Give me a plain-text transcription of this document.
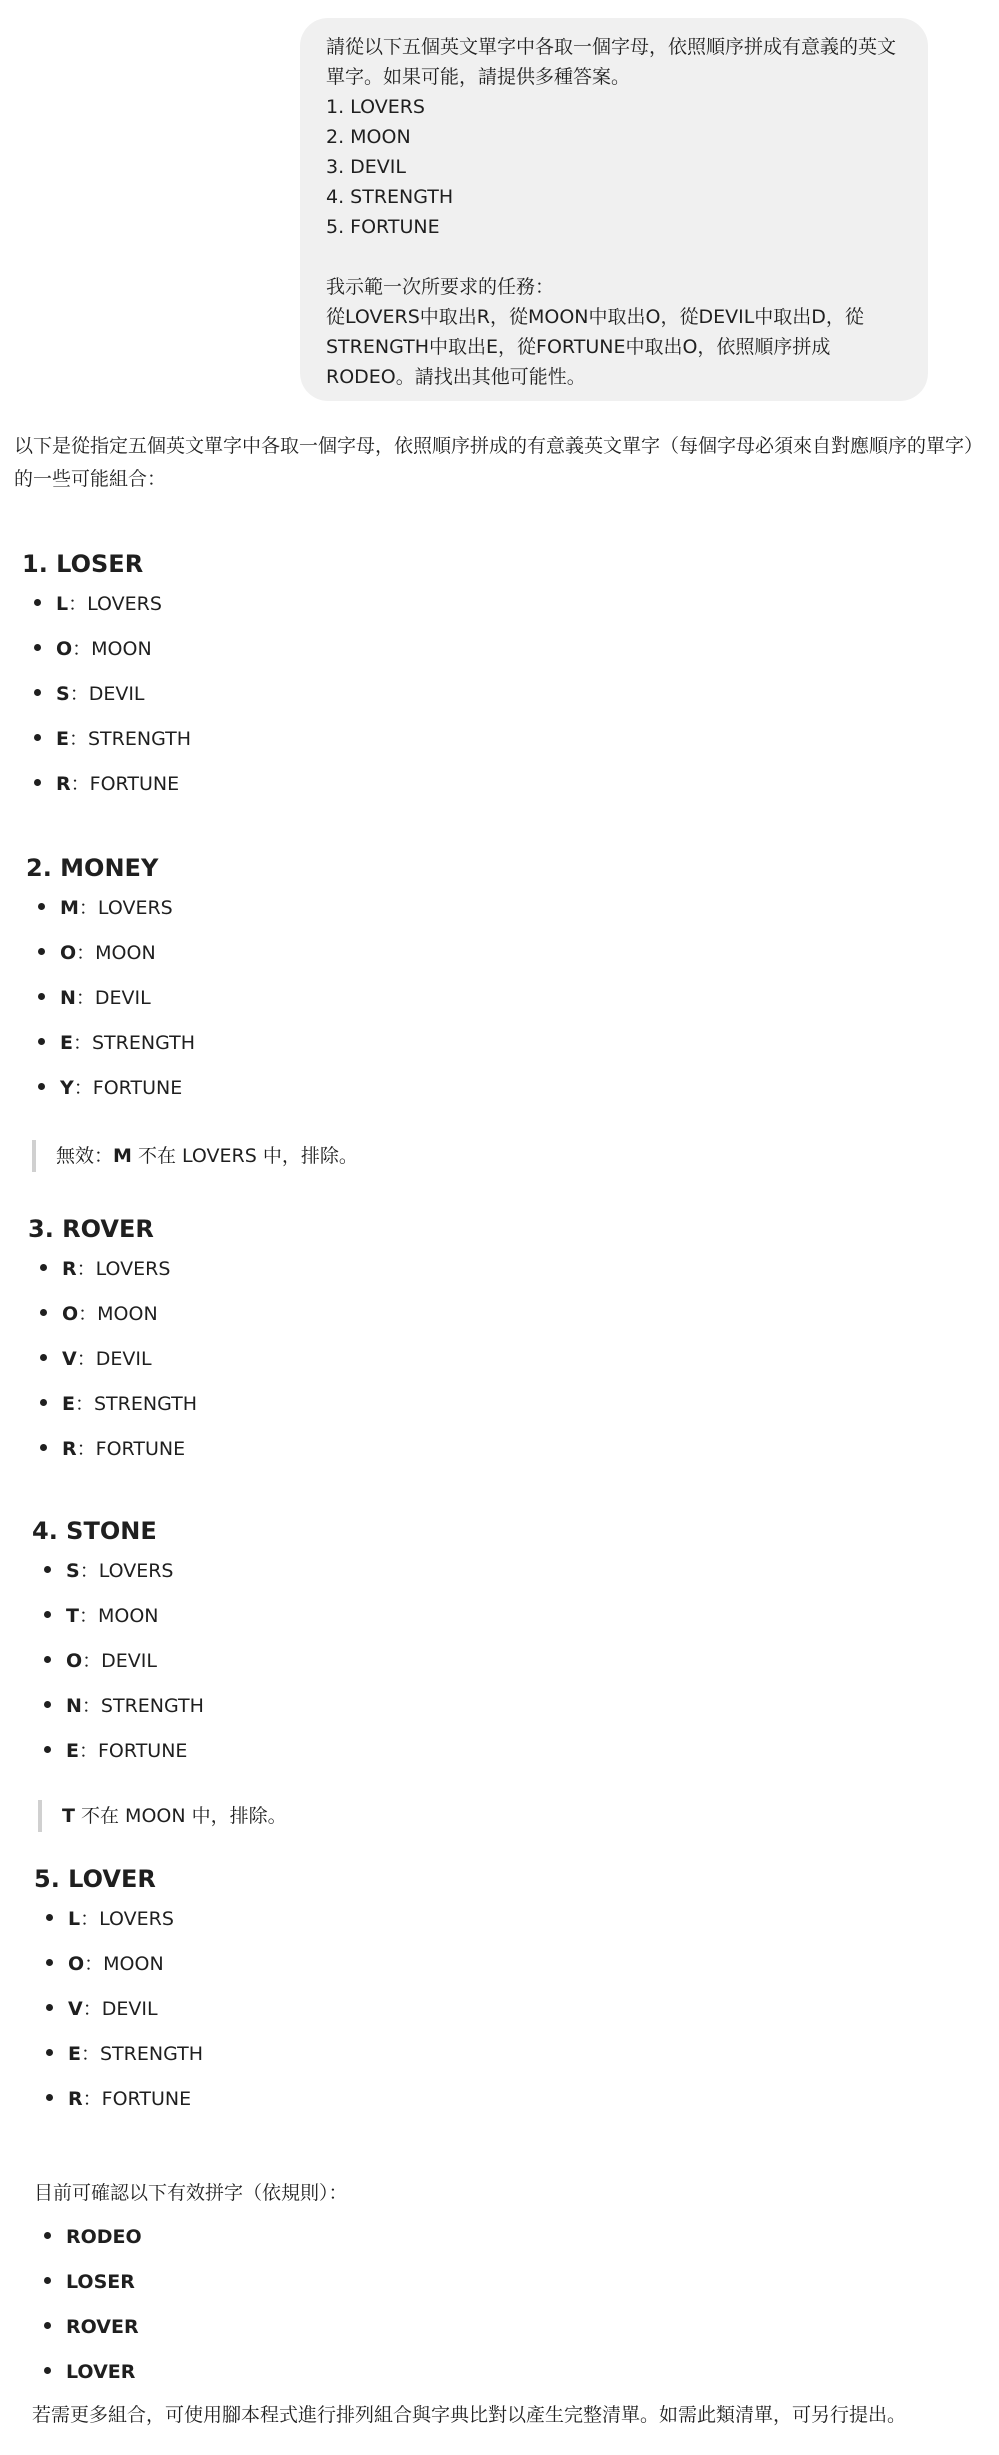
請從以下五個英文單字中各取一個字母，依照順序拼成有意義的英文單字。如果可能，請提供多種答案。
1. LOVERS
2. MOON
3. DEVIL
4. STRENGTH
5. FORTUNE
我示範一次所要求的任務：
從LOVERS中取出R，從MOON中取出O，從DEVIL中取出D，從STRENGTH中取出E，從FORTUNE中取出O，依照順序拼成RODEO。請找出其他可能性。
以下是從指定五個英文單字中各取一個字母，依照順序拼成的有意義英文單字（每個字母必須來自對應順序的單字）的一些可能組合：
1. LOSER
L：LOVERS
O：MOON
S：DEVIL
E：STRENGTH
R：FORTUNE
2. MONEY
M：LOVERS
O：MOON
N：DEVIL
E：STRENGTH
Y：FORTUNE
無效：M 不在 LOVERS 中，排除。
3. ROVER
R：LOVERS
O：MOON
V：DEVIL
E：STRENGTH
R：FORTUNE
4. STONE
S：LOVERS
T：MOON
O：DEVIL
N：STRENGTH
E：FORTUNE
T 不在 MOON 中，排除。
5. LOVER
L：LOVERS
O：MOON
V：DEVIL
E：STRENGTH
R：FORTUNE
目前可確認以下有效拼字（依規則）：
RODEO
LOSER
ROVER
LOVER
若需更多組合，可使用腳本程式進行排列組合與字典比對以產生完整清單。如需此類清單，可另行提出。
